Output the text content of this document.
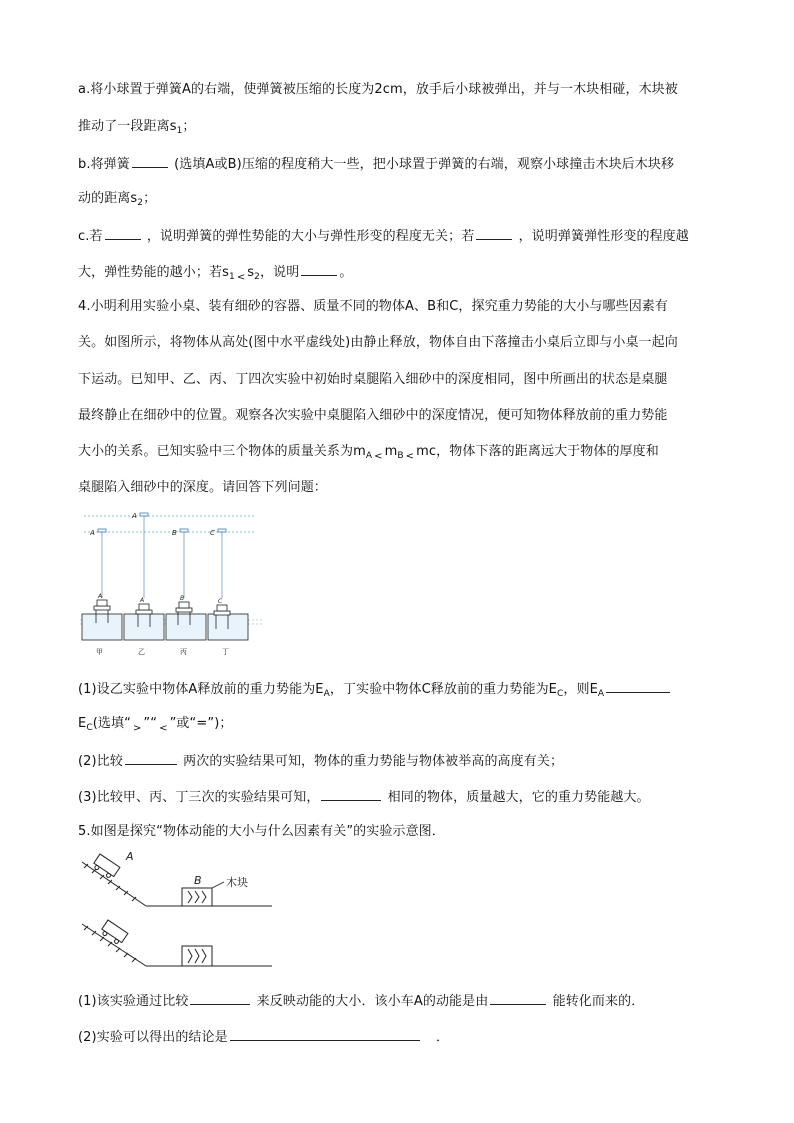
a.将小球置于弹簧A的右端，使弹簧被压缩的长度为2cm，放手后小球被弹出，并与一木块相碰，木块被
推动了一段距离$s_1$；
b.将弹簧	(选填A或B)压缩的程度稍大一些，把小球置于弹簧的右端，观察小球撞击木块后木块移
动的距离$s_2$；
c.若	，说明弹簧的弹性势能的大小与弹性形变的程度无关；若	，说明弹簧弹性形变的程度越
大，弹性势能的越小；若$s_1$ $_<$ $s_2$，说明	。
4.小明利用实验小桌、装有细砂的容器、质量不同的物体A、B和C，探究重力势能的大小与哪些因素有
关。如图所示，将物体从高处(图中水平虚线处)由静止释放，物体自由下落撞击小桌后立即与小桌一起向
下运动。已知甲、乙、丙、丁四次实验中初始时桌腿陷入细砂中的深度相同，图中所画出的状态是桌腿
最终静止在细砂中的位置。观察各次实验中桌腿陷入细砂中的深度情况，便可知物体释放前的重力势能
大小的关系。已知实验中三个物体的质量关系为$m_A$ $_<$ $m_B$ $_<$ mc，物体下落的距离远大于物体的厚度和
桌腿陷入细砂中的深度。请回答下列问题：
A
A
B	C
A
A	B	C
甲	乙	丙	丁
(1)设乙实验中物体A释放前的重力势能为$E_A$，丁实验中物体C释放前的重力势能为$E_C$，则$E_A$
$E_C$(选填“ $_>$ ”“ $_<$ ”或“=”)；
(2)比较	两次的实验结果可知，物体的重力势能与物体被举高的高度有关；
(3)比较甲、丙、丁三次的实验结果可知，	相同的物体，质量越大，它的重力势能越大。
5.如图是探究“物体动能的大小与什么因素有关”的实验示意图．
A
B 木块
(1)该实验通过比较	来反映动能的大小．该小车A的动能是由	能转化而来的．
(2)实验可以得出的结论是	．
